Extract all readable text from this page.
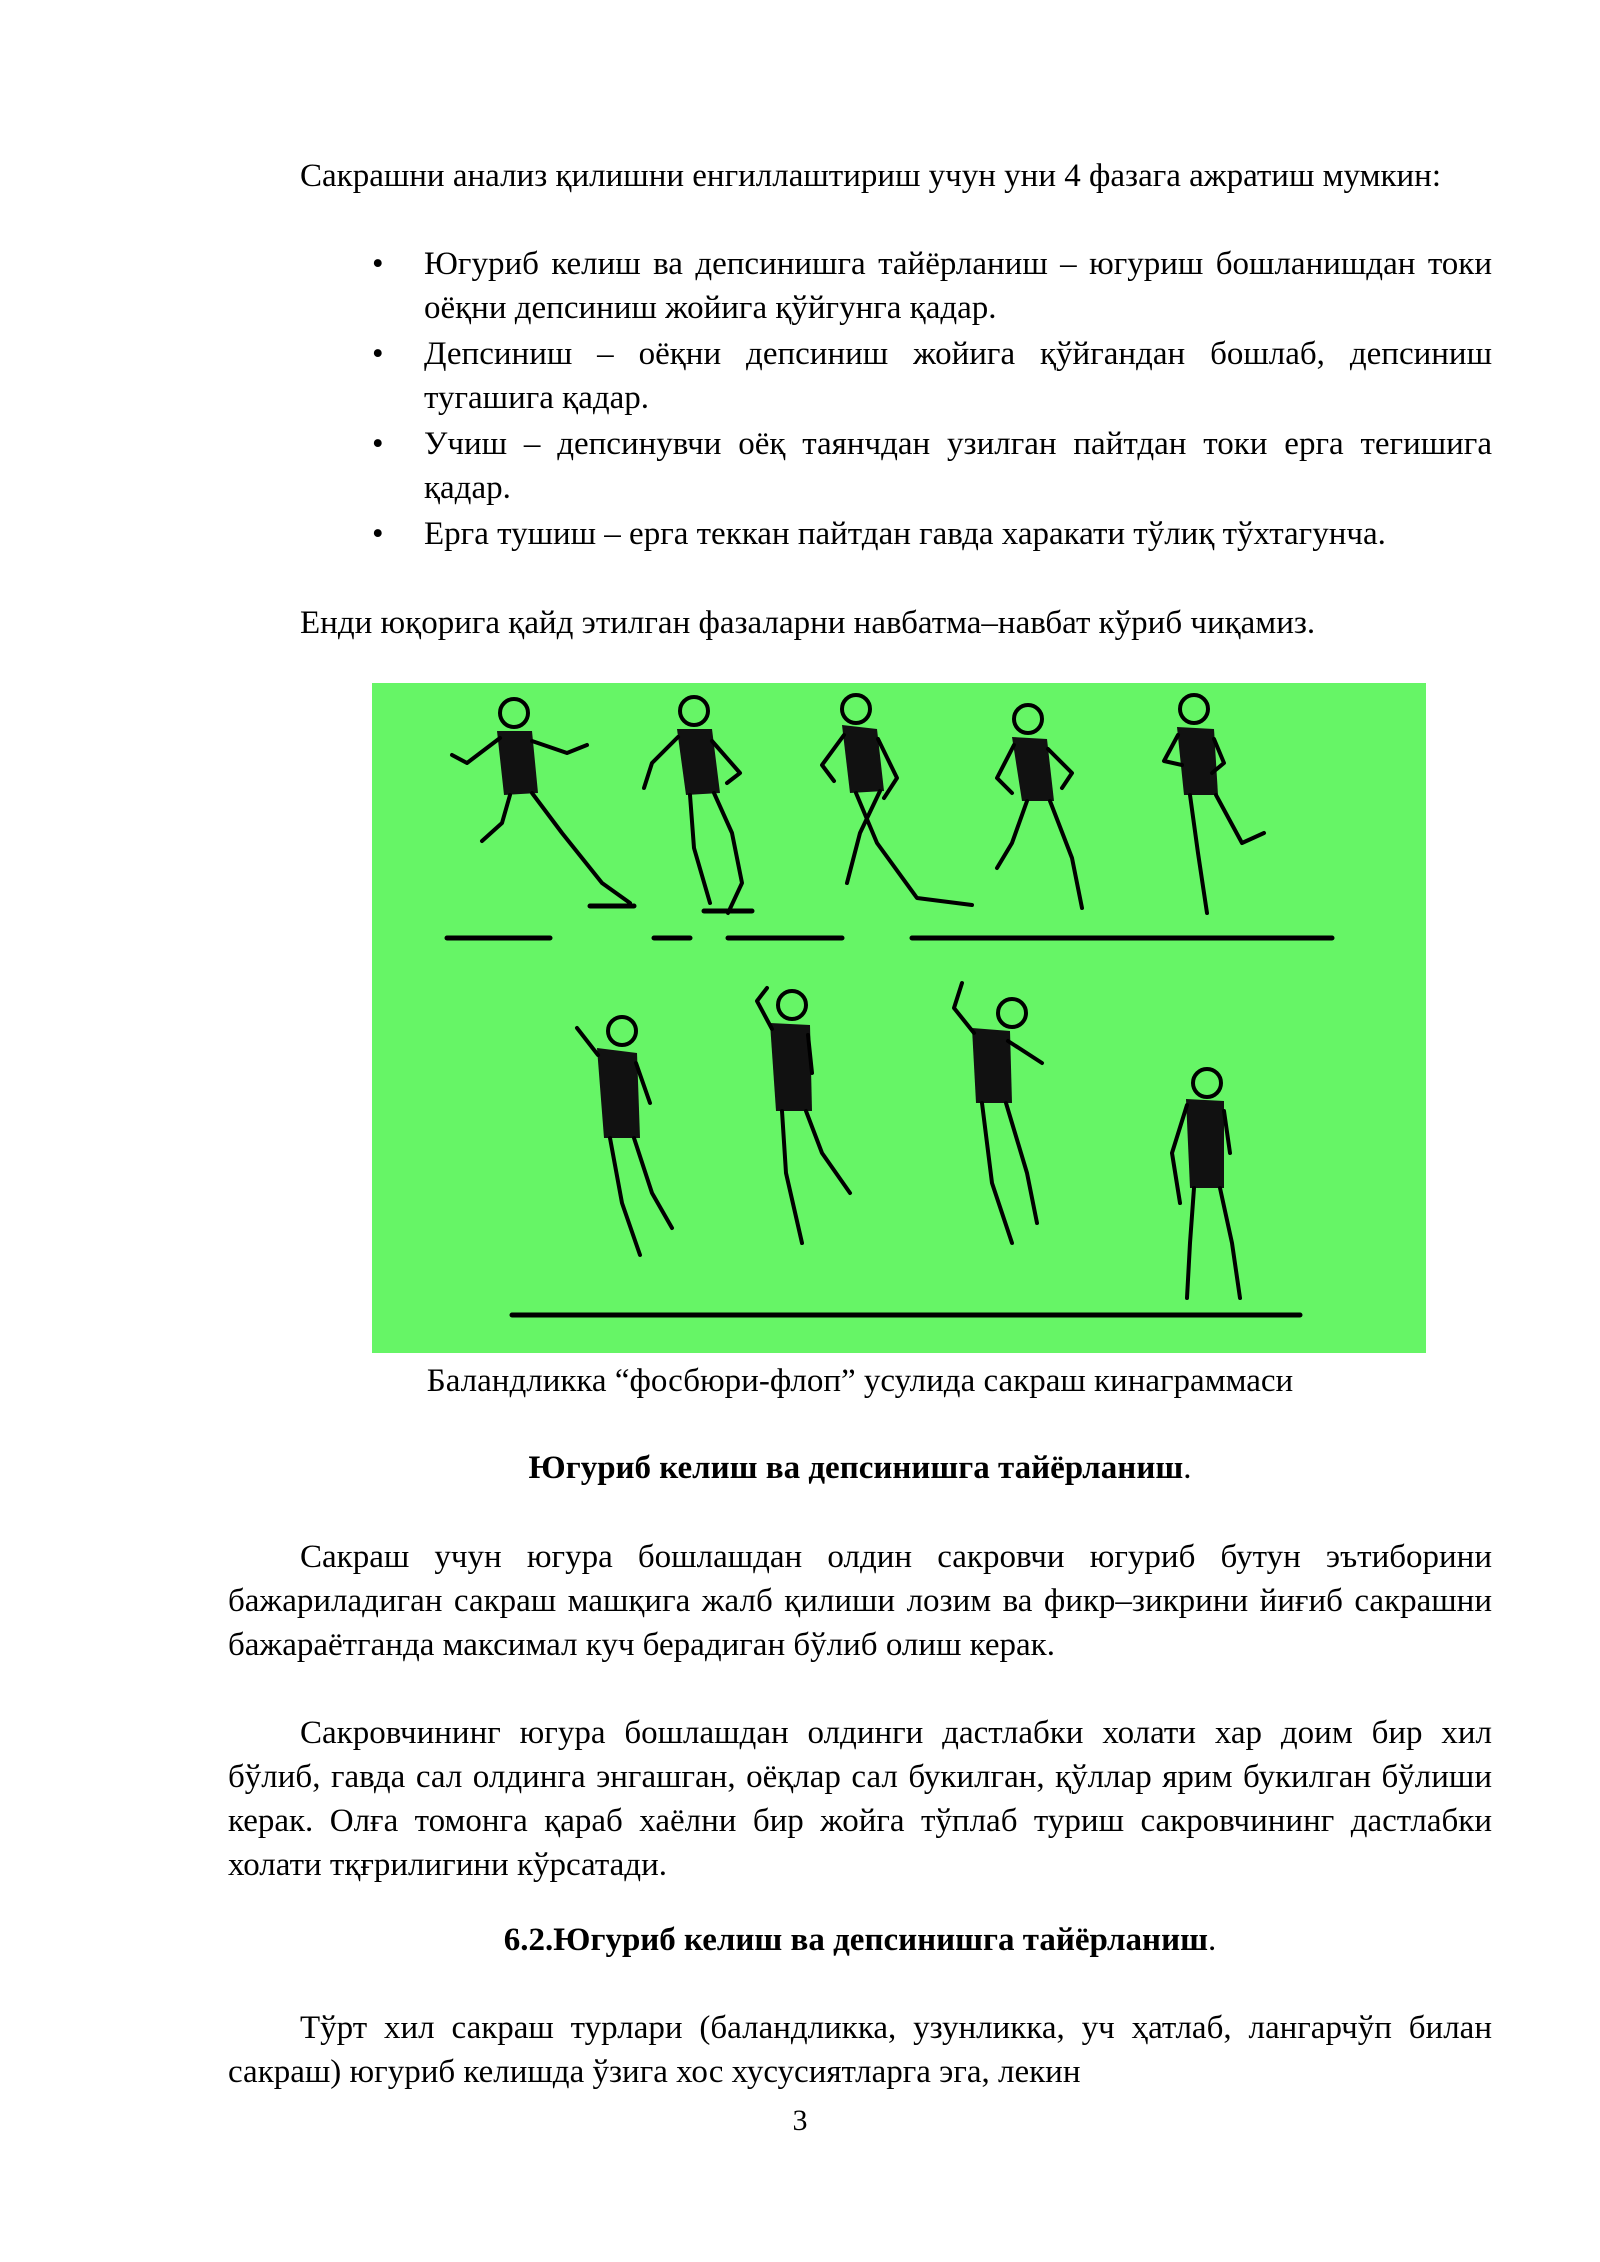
Сакрашни анализ қилишни енгиллаштириш учун уни 4 фазага ажратиш мумкин:

• Югуриб келиш ва депсинишга тайёрланиш – югуриш бошланишдан токи оёқни депсиниш жойига қўйгунга қадар.
• Депсиниш – оёқни депсиниш жойига қўйгандан бошлаб, депсиниш тугашига қадар.
• Учиш – депсинувчи оёқ таянчдан узилган пайтдан токи ерга тегишига қадар.
• Ерга тушиш – ерга теккан пайтдан гавда харакати тўлиқ тўхтагунча.

Енди юқорига қайд этилган фазаларни навбатма–навбат кўриб чиқамиз.

Баландликка “фосбюри-флоп” усулида сакраш кинаграммаси

Югуриб келиш ва депсинишга тайёрланиш.

Сакраш учун югура бошлашдан олдин сакровчи югуриб бутун эътиборини бажариладиган сакраш машқига жалб қилиши лозим ва фикр–зикрини йиғиб сакрашни бажараётганда максимал куч берадиган бўлиб олиш керак.

Сакровчининг югура бошлашдан олдинги дастлабки холати хар доим бир хил бўлиб, гавда сал олдинга энгашган, оёқлар сал букилган, қўллар ярим букилган бўлиши керак. Олға томонга қараб хаёлни бир жойга тўплаб туриш сакровчининг дастлабки холати тқғрилигини кўрсатади.

6.2.Югуриб келиш ва депсинишга тайёрланиш.

Тўрт хил сакраш турлари (баландликка, узунликка, уч ҳатлаб, лангарчўп билан сакраш) югуриб келишда ўзига хос хусусиятларга эга, лекин

3
